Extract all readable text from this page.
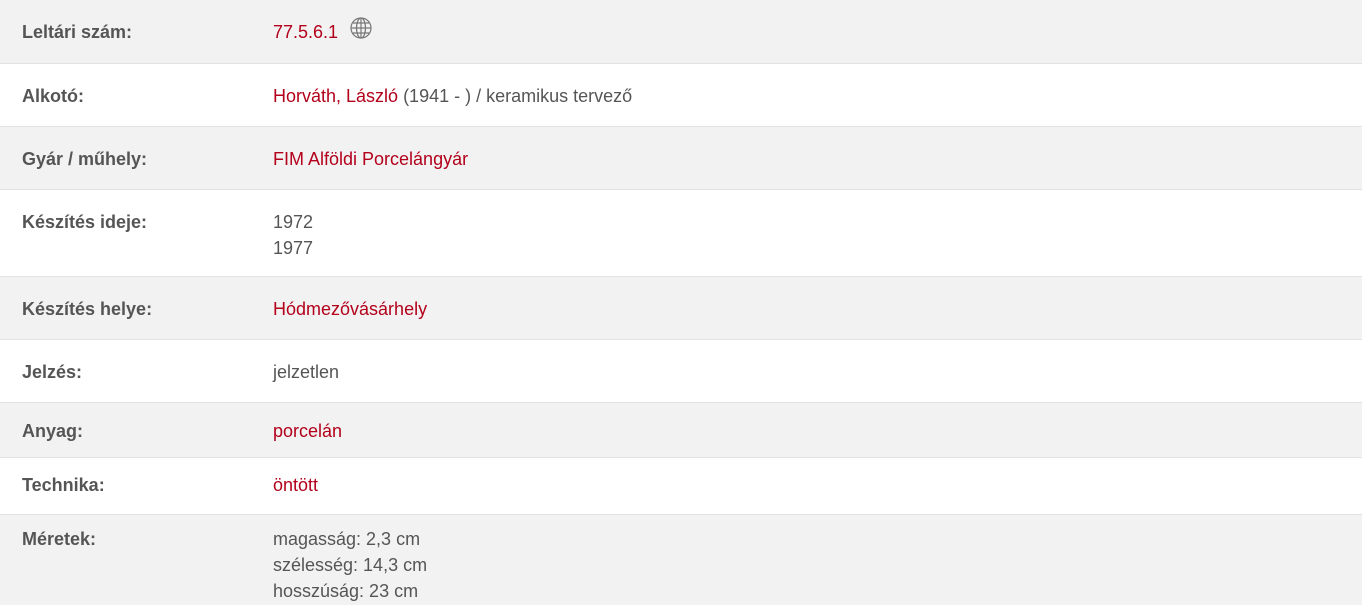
Leltári szám:	77.5.6.1
Alkotó:	Horváth, László (1941 - ) / keramikus tervező
Gyár / műhely:	FIM Alföldi Porcelángyár
Készítés ideje:	1972
1977
Készítés helye:	Hódmezővásárhely
Jelzés:	jelzetlen
Anyag:	porcelán
Technika:	öntött
Méretek:	magasság: 2,3 cm
szélesség: 14,3 cm
hosszúság: 23 cm
